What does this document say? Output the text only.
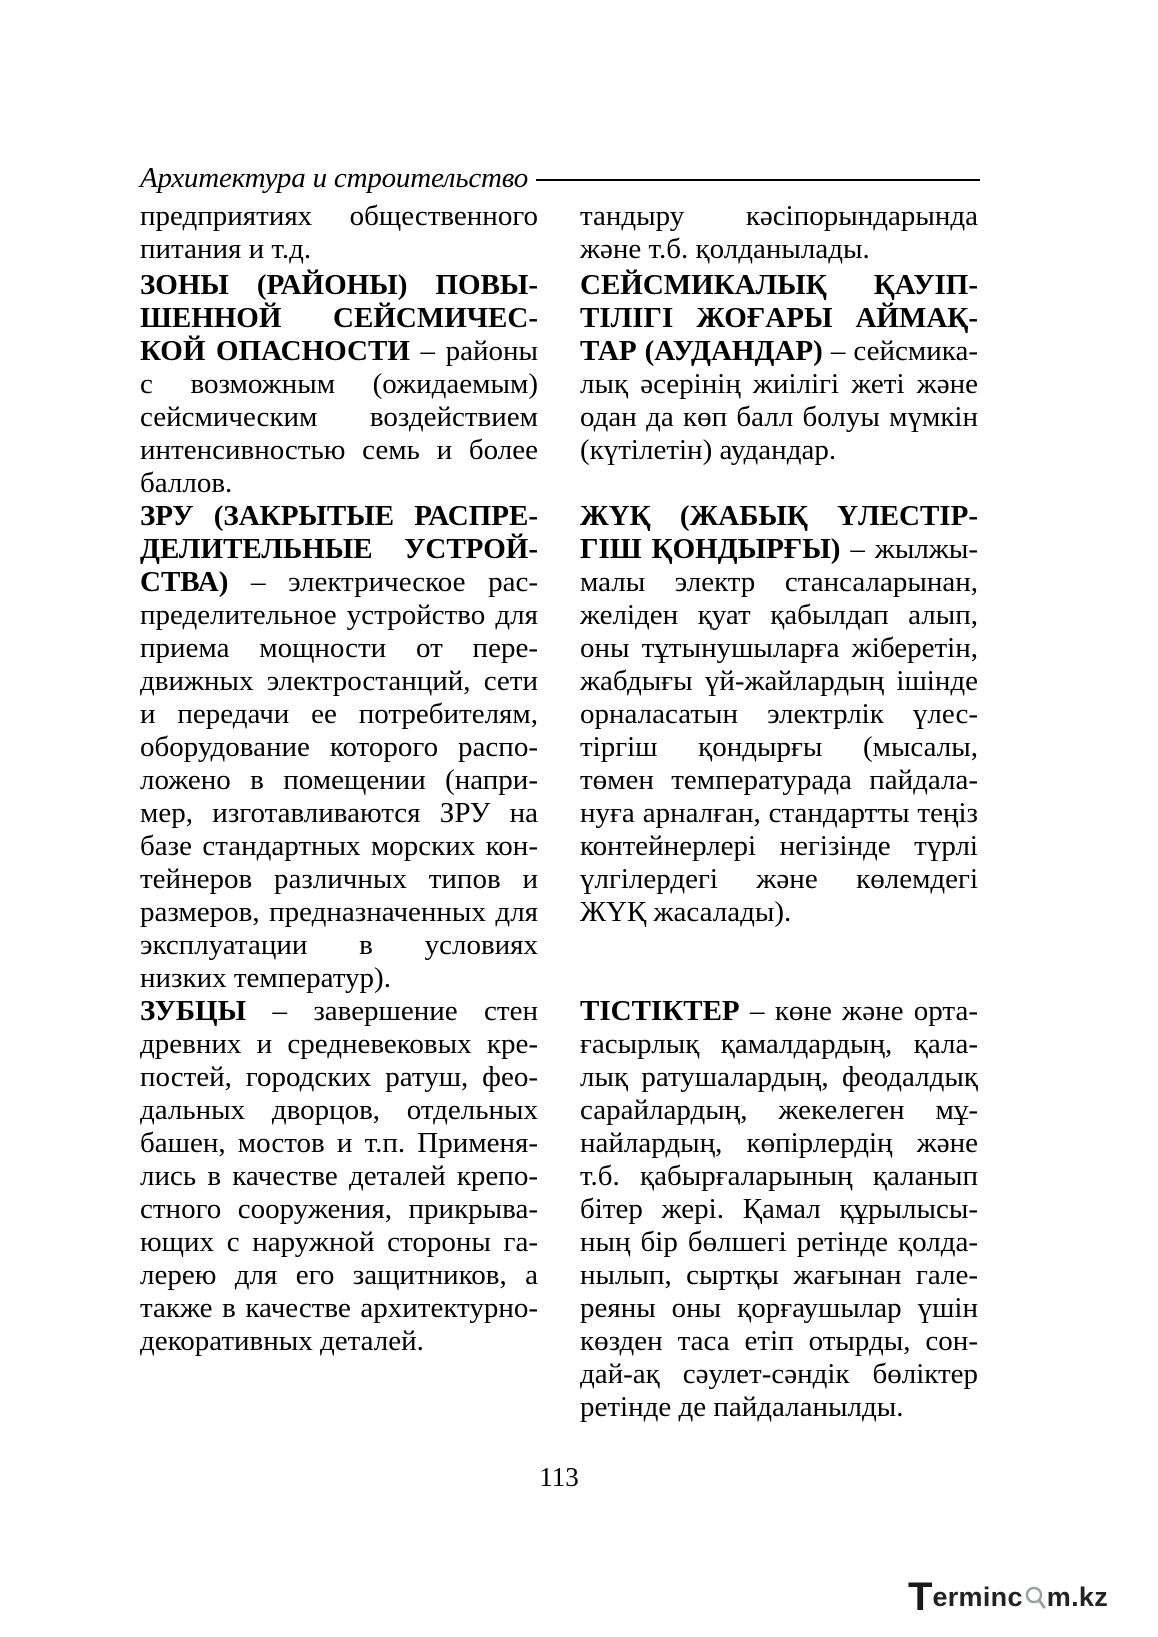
Архитектура и строительство

предприятиях общественного питания и т.д.

ЗОНЫ (РАЙОНЫ) ПОВЫШЕННОЙ СЕЙСМИЧЕСКОЙ ОПАСНОСТИ – районы с возможным (ожидаемым) сейсмическим воздействием интенсивностью семь и более баллов.

ЗРУ (ЗАКРЫТЫЕ РАСПРЕДЕЛИТЕЛЬНЫЕ УСТРОЙСТВА) – электрическое распределительное устройство для приема мощности от передвижных электростанций, сети и передачи ее потребителям, оборудование которого расположено в помещении (например, изготавливаются ЗРУ на базе стандартных морских контейнеров различных типов и размеров, предназначенных для эксплуатации в условиях низких температур).

ЗУБЦЫ – завершение стен древних и средневековых крепостей, городских ратуш, феодальных дворцов, отдельных башен, мостов и т.п. Применялись в качестве деталей крепостного сооружения, прикрывающих с наружной стороны галерею для его защитников, а также в качестве архитектурно-декоративных деталей.

тандыру кәсіпорындарында және т.б. қолданылады.

СЕЙСМИКАЛЫҚ ҚАУІПТІЛІГІ ЖОҒАРЫ АЙМАҚТАР (АУДАНДАР) – сейсмикалық әсерінің жиілігі жеті және одан да көп балл болуы мүмкін (күтілетін) аудандар.

ЖҮҚ (ЖАБЫҚ ҮЛЕСТІРГІШ ҚОНДЫРҒЫ) – жылжымалы электр стансаларынан, желіден қуат қабылдап алып, оны тұтынушыларға жіберетін, жабдығы үй-жайлардың ішінде орналасатын электрлік үлестіргіш қондырғы (мысалы, төмен температурада пайдалануға арналған, стандартты теңіз контейнерлері негізінде түрлі үлгілердегі және көлемдегі ЖҮҚ жасалады).

ТІСТІКТЕР – көне және ортағасырлық қамалдардың, қалалық ратушалардың, феодалдық сарайлардың, жекелеген мұнайлардың, көпірлердің және т.б. қабырғаларының қаланып бітер жері. Қамал құрылысының бір бөлшегі ретінде қолданылып, сыртқы жағынан галереяны оны қорғаушылар үшін көзден таса етіп отырды, сондай-ақ сәулет-сәндік бөліктер ретінде де пайдаланылды.

113
T erminc m.kz
